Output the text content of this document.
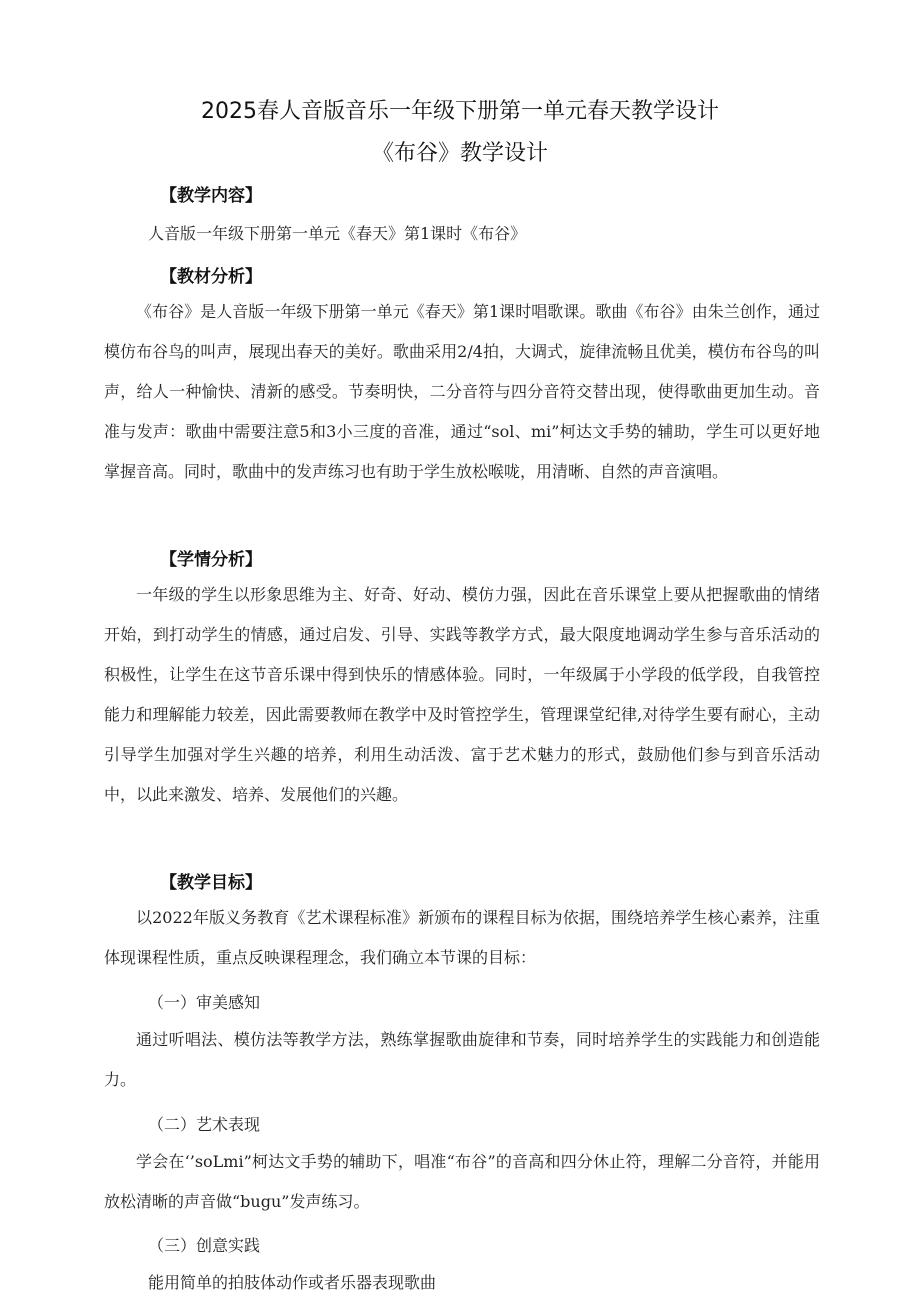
2025春人音版音乐一年级下册第一单元春天教学设计
《布谷》教学设计
【教学内容】
人音版一年级下册第一单元《春天》第1课时《布谷》
【教材分析】

《布谷》是人音版一年级下册第一单元《春天》第1课时唱歌课。歌曲《布谷》由朱兰创作，通过模仿布谷鸟的叫声，展现出春天的美好。歌曲采用2/4拍，大调式，旋律流畅且优美，模仿布谷鸟的叫声，给人一种愉快、清新的感受。节奏明快，二分音符与四分音符交替出现，使得歌曲更加生动。音准与发声：歌曲中需要注意5和3小三度的音准，通过“sol、mi”柯达文手势的辅助，学生可以更好地掌握音高。同时，歌曲中的发声练习也有助于学生放松喉咙，用清晰、自然的声音演唱。

【学情分析】

一年级的学生以形象思维为主、好奇、好动、模仿力强，因此在音乐课堂上要从把握歌曲的情绪开始，到打动学生的情感，通过启发、引导、实践等教学方式，最大限度地调动学生参与音乐活动的积极性，让学生在这节音乐课中得到快乐的情感体验。同时，一年级属于小学段的低学段，自我管控能力和理解能力较差，因此需要教师在教学中及时管控学生，管理课堂纪律,对待学生要有耐心，主动引导学生加强对学生兴趣的培养，利用生动活泼、富于艺术魅力的形式，鼓励他们参与到音乐活动中，以此来激发、培养、发展他们的兴趣。

【教学目标】

以2022年版义务教育《艺术课程标准》新颁布的课程目标为依据，围绕培养学生核心素养，注重体现课程性质，重点反映课程理念，我们确立本节课的目标：

（一）审美感知

通过听唱法、模仿法等教学方法，熟练掌握歌曲旋律和节奏，同时培养学生的实践能力和创造能力。

（二）艺术表现

学会在‘’soLmi”柯达文手势的辅助下，唱准“布谷”的音高和四分休止符，理解二分音符，并能用放松清晰的声音做“bugu”发声练习。

（三）创意实践
能用简单的拍肢体动作或者乐器表现歌曲
